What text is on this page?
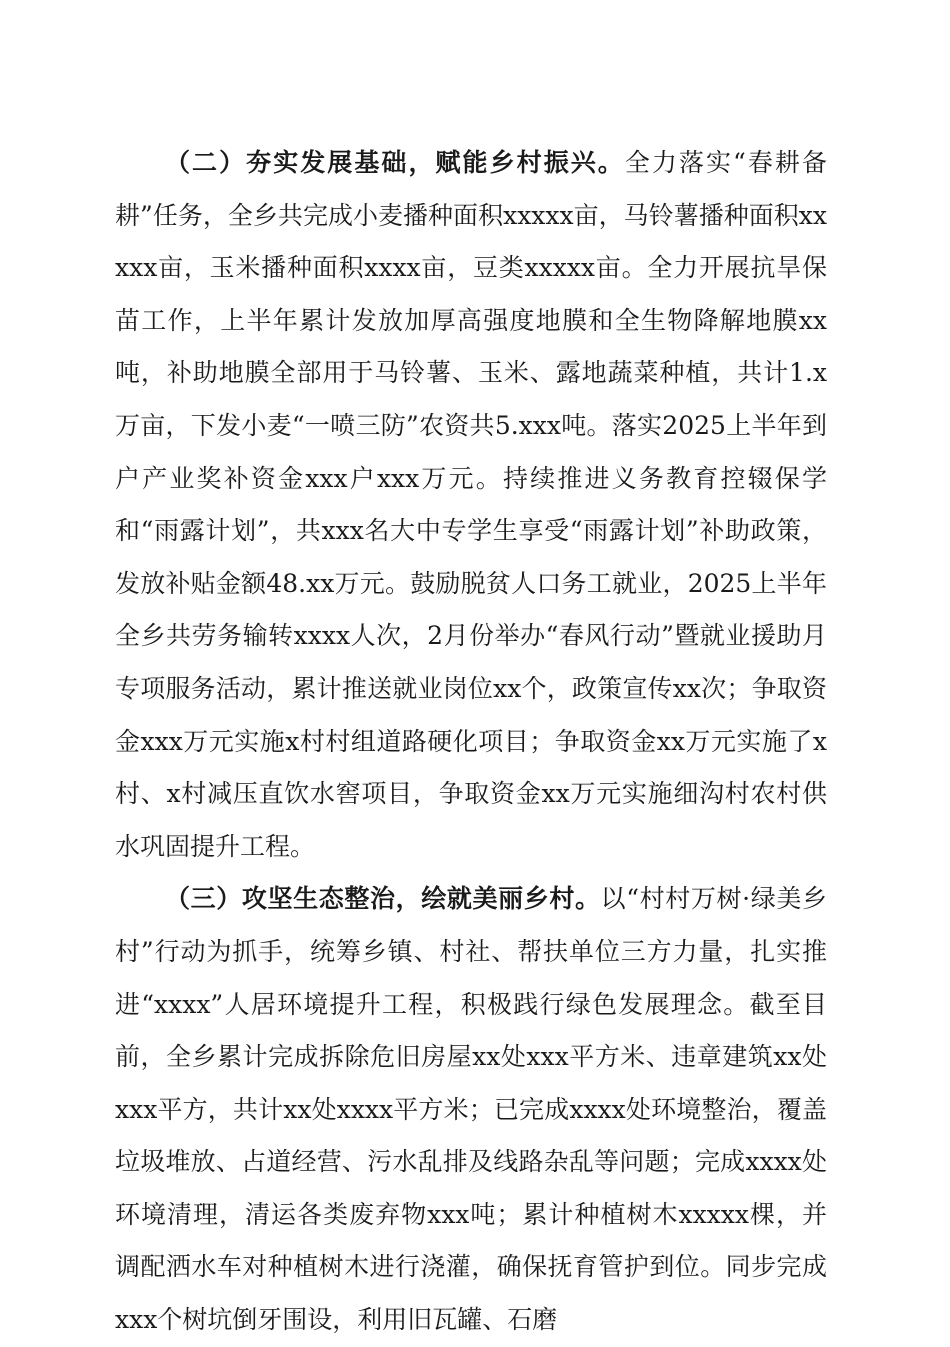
（二）夯实发展基础，赋能乡村振兴。全力落实“春耕备耕”任务，全乡共完成小麦播种面积xxxxx亩，马铃薯播种面积xxxxx亩，玉米播种面积xxxx亩，豆类xxxxx亩。全力开展抗旱保苗工作，上半年累计发放加厚高强度地膜和全生物降解地膜xx吨，补助地膜全部用于马铃薯、玉米、露地蔬菜种植，共计1.x万亩，下发小麦“一喷三防”农资共5.xxx吨。落实2025上半年到户产业奖补资金xxx户xxx万元。持续推进义务教育控辍保学和“雨露计划”，共xxx名大中专学生享受“雨露计划”补助政策，发放补贴金额48.xx万元。鼓励脱贫人口务工就业，2025上半年全乡共劳务输转xxxx人次，2月份举办“春风行动”暨就业援助月专项服务活动，累计推送就业岗位xx个，政策宣传xx次；争取资金xxx万元实施x村村组道路硬化项目；争取资金xx万元实施了x村、x村减压直饮水窖项目，争取资金xx万元实施细沟村农村供水巩固提升工程。

（三）攻坚生态整治，绘就美丽乡村。以“村村万树·绿美乡村”行动为抓手，统筹乡镇、村社、帮扶单位三方力量，扎实推进“xxxx”人居环境提升工程，积极践行绿色发展理念。截至目前，全乡累计完成拆除危旧房屋xx处xxx平方米、违章建筑xx处xxx平方，共计xx处xxxx平方米；已完成xxxx处环境整治，覆盖垃圾堆放、占道经营、污水乱排及线路杂乱等问题；完成xxxx处环境清理，清运各类废弃物xxx吨；累计种植树木xxxxx棵，并调配洒水车对种植树木进行浇灌，确保抚育管护到位。同步完成xxx个树坑倒牙围设，利用旧瓦罐、石磨
